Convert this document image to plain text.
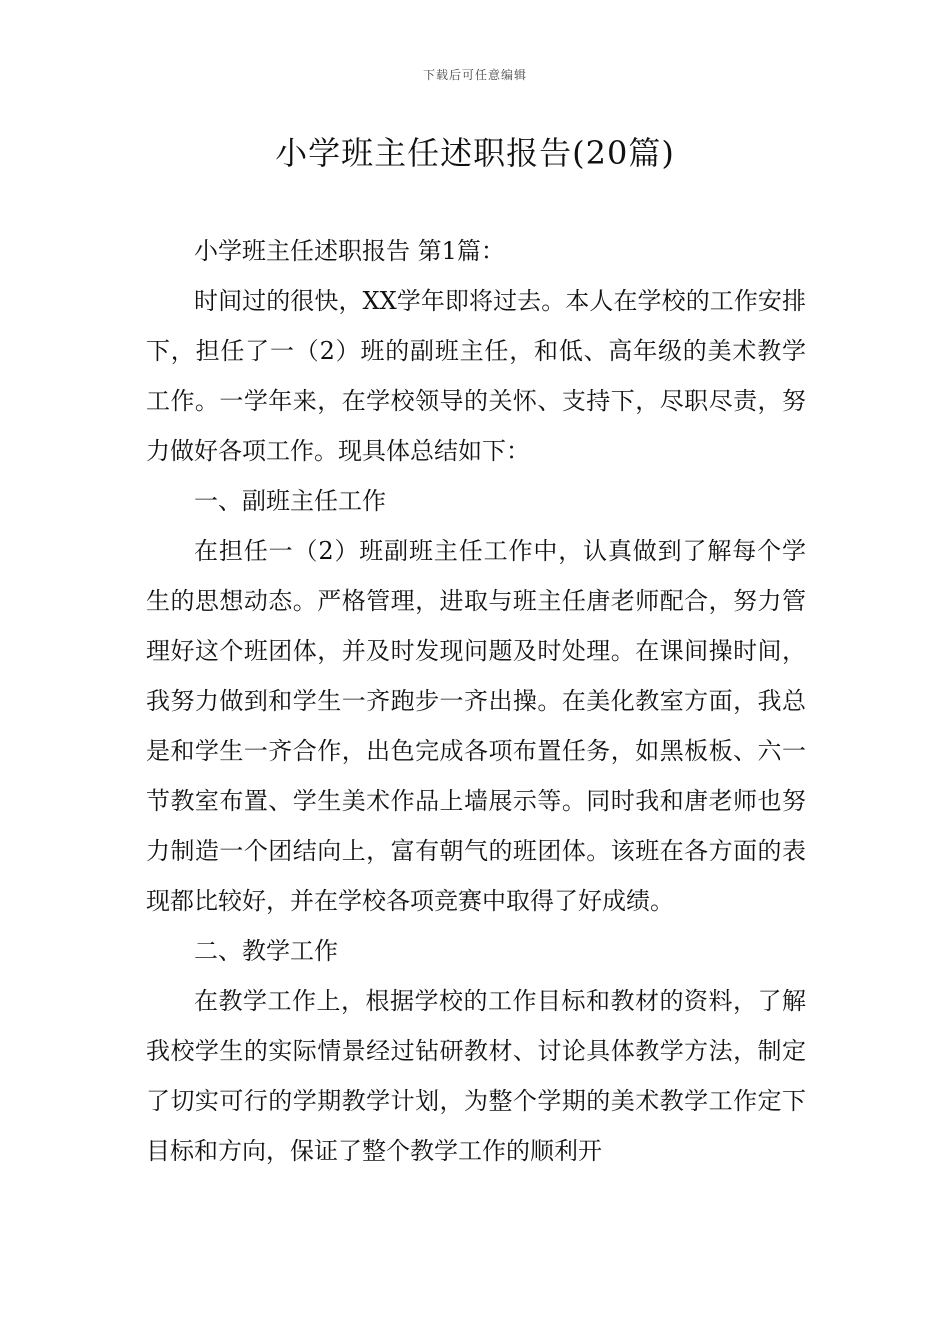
下载后可任意编辑
小学班主任述职报告(20篇)

小学班主任述职报告 第1篇：

时间过的很快，XX学年即将过去。本人在学校的工作安排下，担任了一（2）班的副班主任，和低、高年级的美术教学工作。一学年来，在学校领导的关怀、支持下，尽职尽责，努力做好各项工作。现具体总结如下：

一、副班主任工作

在担任一（2）班副班主任工作中，认真做到了解每个学生的思想动态。严格管理，进取与班主任唐老师配合，努力管理好这个班团体，并及时发现问题及时处理。在课间操时间，我努力做到和学生一齐跑步一齐出操。在美化教室方面，我总是和学生一齐合作，出色完成各项布置任务，如黑板板、六一节教室布置、学生美术作品上墙展示等。同时我和唐老师也努力制造一个团结向上，富有朝气的班团体。该班在各方面的表现都比较好，并在学校各项竞赛中取得了好成绩。

二、教学工作

在教学工作上，根据学校的工作目标和教材的资料，了解我校学生的实际情景经过钻研教材、讨论具体教学方法，制定了切实可行的学期教学计划，为整个学期的美术教学工作定下目标和方向，保证了整个教学工作的顺利开
